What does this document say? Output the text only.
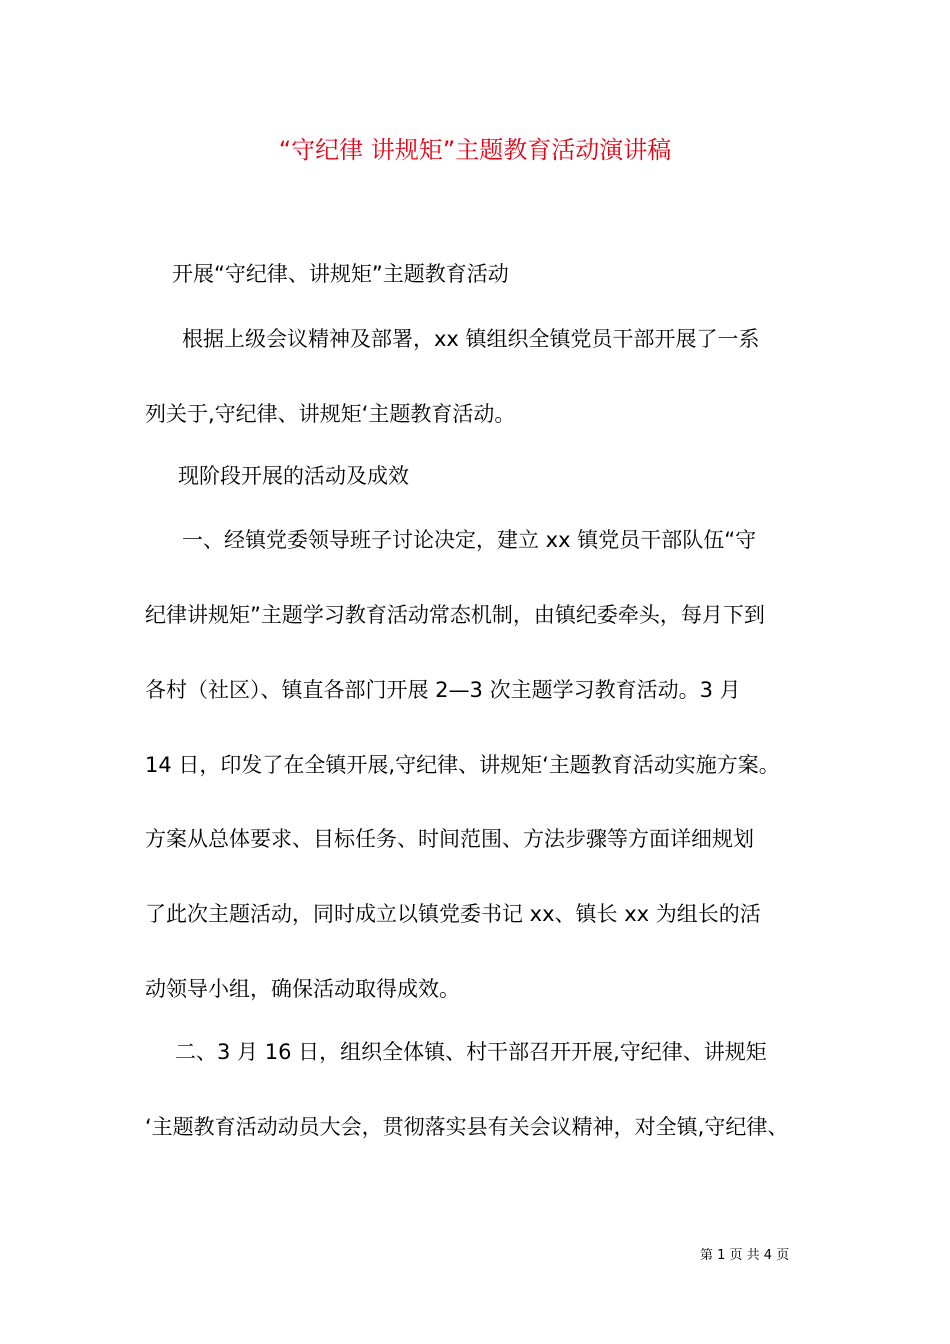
“守纪律 讲规矩”主题教育活动演讲稿
开展“守纪律、讲规矩”主题教育活动
根据上级会议精神及部署，xx 镇组织全镇党员干部开展了一系
列关于,守纪律、讲规矩‘主题教育活动。
现阶段开展的活动及成效
一、经镇党委领导班子讨论决定，建立 xx 镇党员干部队伍“守
纪律讲规矩”主题学习教育活动常态机制，由镇纪委牵头，每月下到
各村（社区）、镇直各部门开展 2—3 次主题学习教育活动。3 月
14 日，印发了在全镇开展,守纪律、讲规矩‘主题教育活动实施方案。
方案从总体要求、目标任务、时间范围、方法步骤等方面详细规划
了此次主题活动，同时成立以镇党委书记 xx、镇长 xx 为组长的活
动领导小组，确保活动取得成效。
二、3 月 16 日，组织全体镇、村干部召开开展,守纪律、讲规矩
‘主题教育活动动员大会，贯彻落实县有关会议精神，对全镇,守纪律、
第 1 页 共 4 页
